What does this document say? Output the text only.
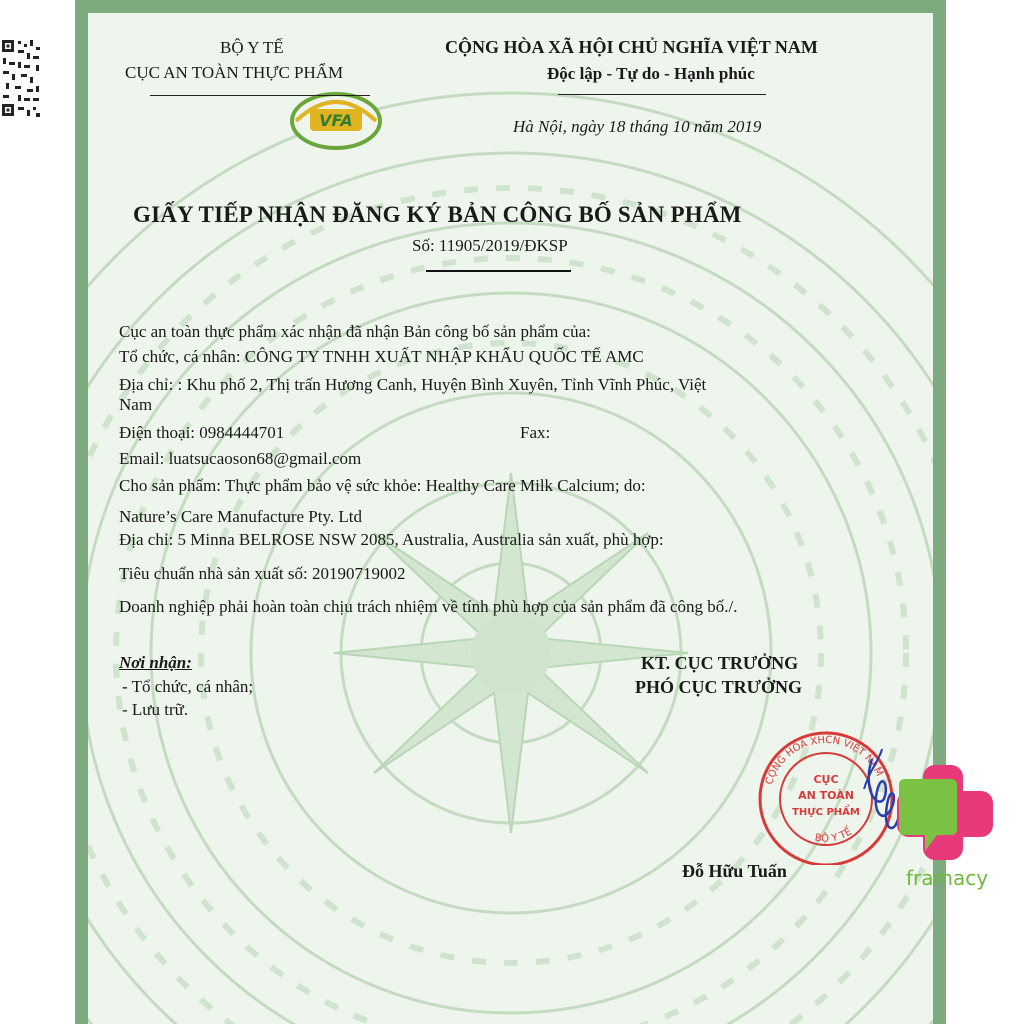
VFA
BỘ Y TẾ
CỤC AN TOÀN THỰC PHẨM
CỘNG HÒA XÃ HỘI CHỦ NGHĨA VIỆT NAM
Độc lập - Tự do - Hạnh phúc
Hà Nội, ngày 18 tháng 10 năm 2019
GIẤY TIẾP NHẬN ĐĂNG KÝ BẢN CÔNG BỐ SẢN PHẨM
Số: 11905/2019/ĐKSP
Cục an toàn thực phẩm xác nhận đã nhận Bản công bố sản phẩm của:
Tổ chức, cá nhân: CÔNG TY TNHH XUẤT NHẬP KHẨU QUỐC TẾ AMC
Địa chỉ: : Khu phố 2, Thị trấn Hương Canh, Huyện Bình Xuyên, Tỉnh Vĩnh Phúc, Việt
Nam
Điện thoại: 0984444701	Fax:
Email: luatsucaoson68@gmail.com
Cho sản phẩm: Thực phẩm bảo vệ sức khỏe: Healthy Care Milk Calcium; do:
Nature’s Care Manufacture Pty. Ltd
Địa chỉ: 5 Minna BELROSE NSW 2085, Australia, Australia sản xuất, phù hợp:
Tiêu chuẩn nhà sản xuất số: 20190719002
Doanh nghiệp phải hoàn toàn chịu trách nhiệm về tính phù hợp của sản phẩm đã công bố./.
Nơi nhận:
- Tổ chức, cá nhân;
- Lưu trữ.
KT. CỤC TRƯỞNG
PHÓ CỤC TRƯỞNG
CỘNG HÒA XHCN VIỆT NAM
BỘ Y TẾ
CỤC
AN TOÀN
THỰC PHẨM
Đỗ Hữu Tuấn	framacy
